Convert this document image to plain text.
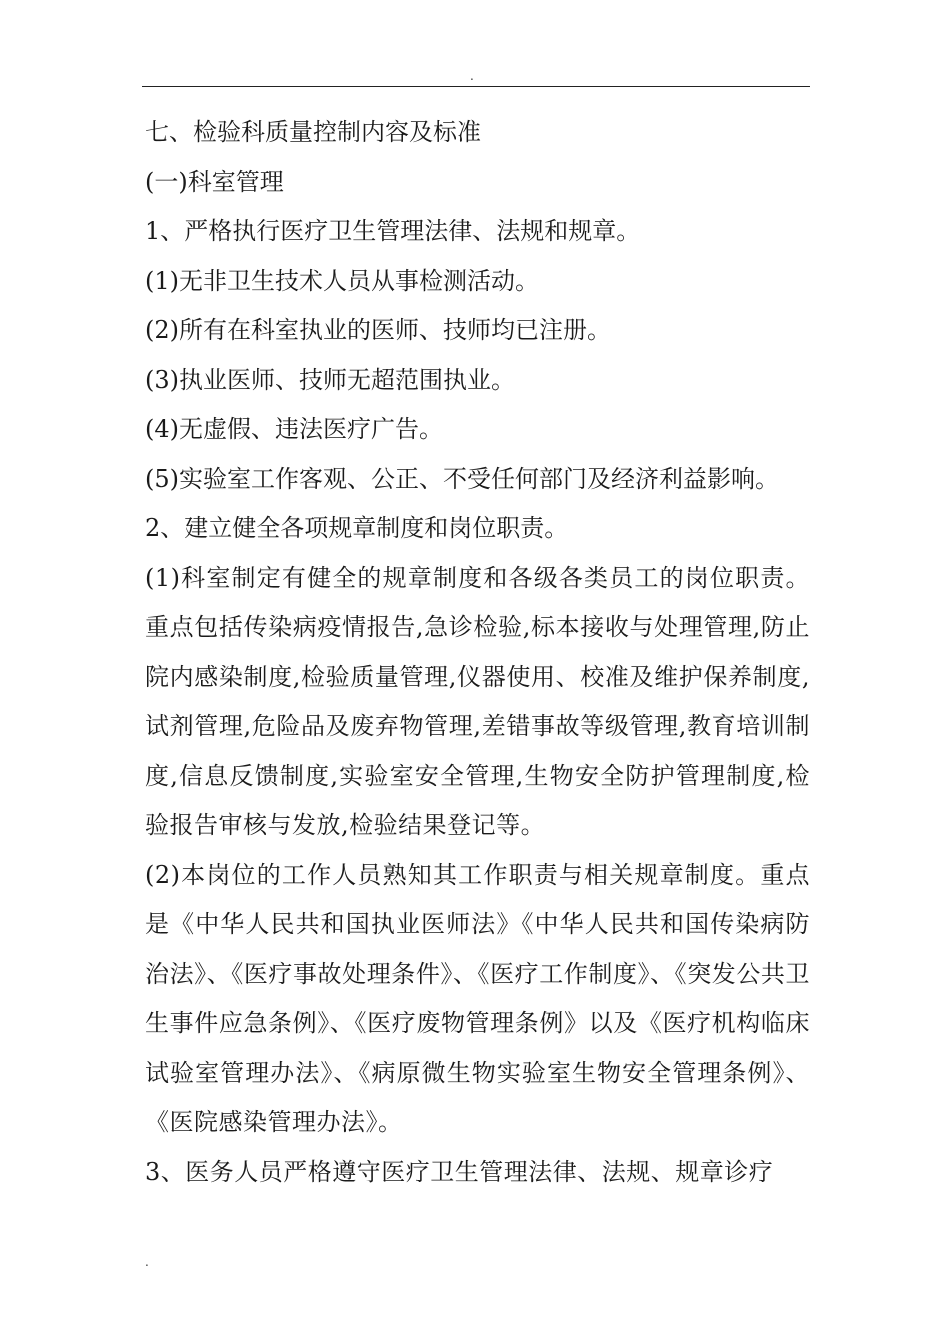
.
七、检验科质量控制内容及标准
(一)科室管理
1、严格执行医疗卫生管理法律、法规和规章。
(1)无非卫生技术人员从事检测活动。
(2)所有在科室执业的医师、技师均已注册。
(3)执业医师、技师无超范围执业。
(4)无虚假、违法医疗广告。
(5)实验室工作客观、公正、不受任何部门及经济利益影响。
2、建立健全各项规章制度和岗位职责。
(1)科室制定有健全的规章制度和各级各类员工的岗位职责。重点包括传染病疫情报告,急诊检验,标本接收与处理管理,防止院内感染制度,检验质量管理,仪器使用、校准及维护保养制度,试剂管理,危险品及废弃物管理,差错事故等级管理,教育培训制度,信息反馈制度,实验室安全管理,生物安全防护管理制度,检验报告审核与发放,检验结果登记等。
(2)本岗位的工作人员熟知其工作职责与相关规章制度。重点是《中华人民共和国执业医师法》《中华人民共和国传染病防治法》、《医疗事故处理条件》、《医疗工作制度》、《突发公共卫生事件应急条例》、《医疗废物管理条例》以及《医疗机构临床试验室管理办法》、《病原微生物实验室生物安全管理条例》、《医院感染管理办法》。
3、医务人员严格遵守医疗卫生管理法律、法规、规章诊疗
.
